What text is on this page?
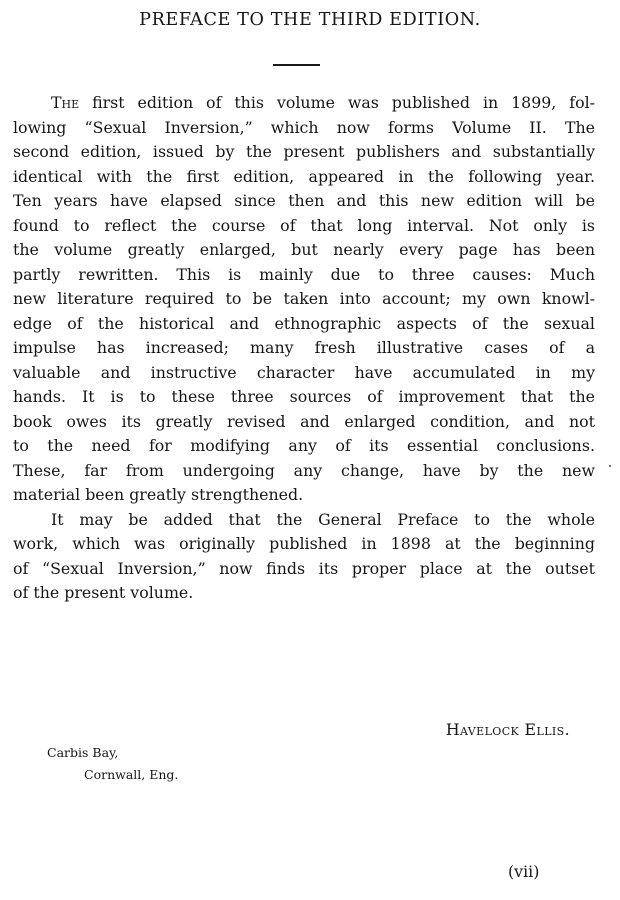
PREFACE TO THE THIRD EDITION.
The first edition of this volume was published in 1899, fol-
lowing “Sexual Inversion,” which now forms Volume II. The
second edition, issued by the present publishers and substantially
identical with the first edition, appeared in the following year.
Ten years have elapsed since then and this new edition will be
found to reflect the course of that long interval. Not only is
the volume greatly enlarged, but nearly every page has been
partly rewritten. This is mainly due to three causes: Much
new literature required to be taken into account; my own knowl-
edge of the historical and ethnographic aspects of the sexual
impulse has increased; many fresh illustrative cases of a
valuable and instructive character have accumulated in my
hands. It is to these three sources of improvement that the
book owes its greatly revised and enlarged condition, and not
to the need for modifying any of its essential conclusions.
These, far from undergoing any change, have by the new
material been greatly strengthened.
It may be added that the General Preface to the whole
work, which was originally published in 1898 at the beginning
of “Sexual Inversion,” now finds its proper place at the outset
of the present volume.
Havelock Ellis.
Carbis Bay,
Cornwall, Eng.
(vii)
